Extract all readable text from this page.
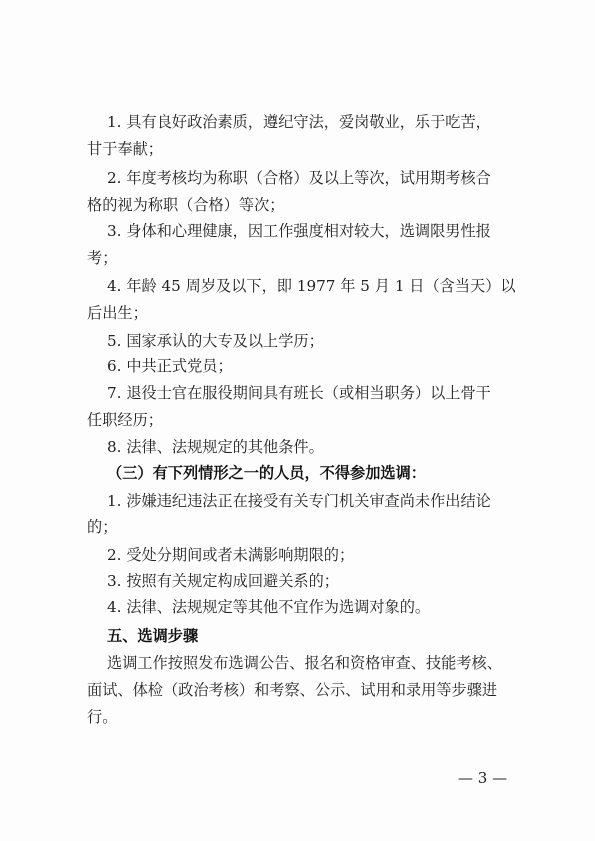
1. 具有良好政治素质，遵纪守法，爱岗敬业，乐于吃苦，
甘于奉献；
2. 年度考核均为称职（合格）及以上等次，试用期考核合
格的视为称职（合格）等次；
3. 身体和心理健康，因工作强度相对较大，选调限男性报
考；
4. 年龄 45 周岁及以下，即 1977 年 5 月 1 日（含当天）以
后出生；
5. 国家承认的大专及以上学历；
6. 中共正式党员；
7. 退役士官在服役期间具有班长（或相当职务）以上骨干
任职经历；
8. 法律、法规规定的其他条件。
（三）有下列情形之一的人员，不得参加选调：
1. 涉嫌违纪违法正在接受有关专门机关审查尚未作出结论
的；
2. 受处分期间或者未满影响期限的；
3. 按照有关规定构成回避关系的；
4. 法律、法规规定等其他不宜作为选调对象的。
五、选调步骤
选调工作按照发布选调公告、报名和资格审查、技能考核、
面试、体检（政治考核）和考察、公示、试用和录用等步骤进
行。
— 3 —
